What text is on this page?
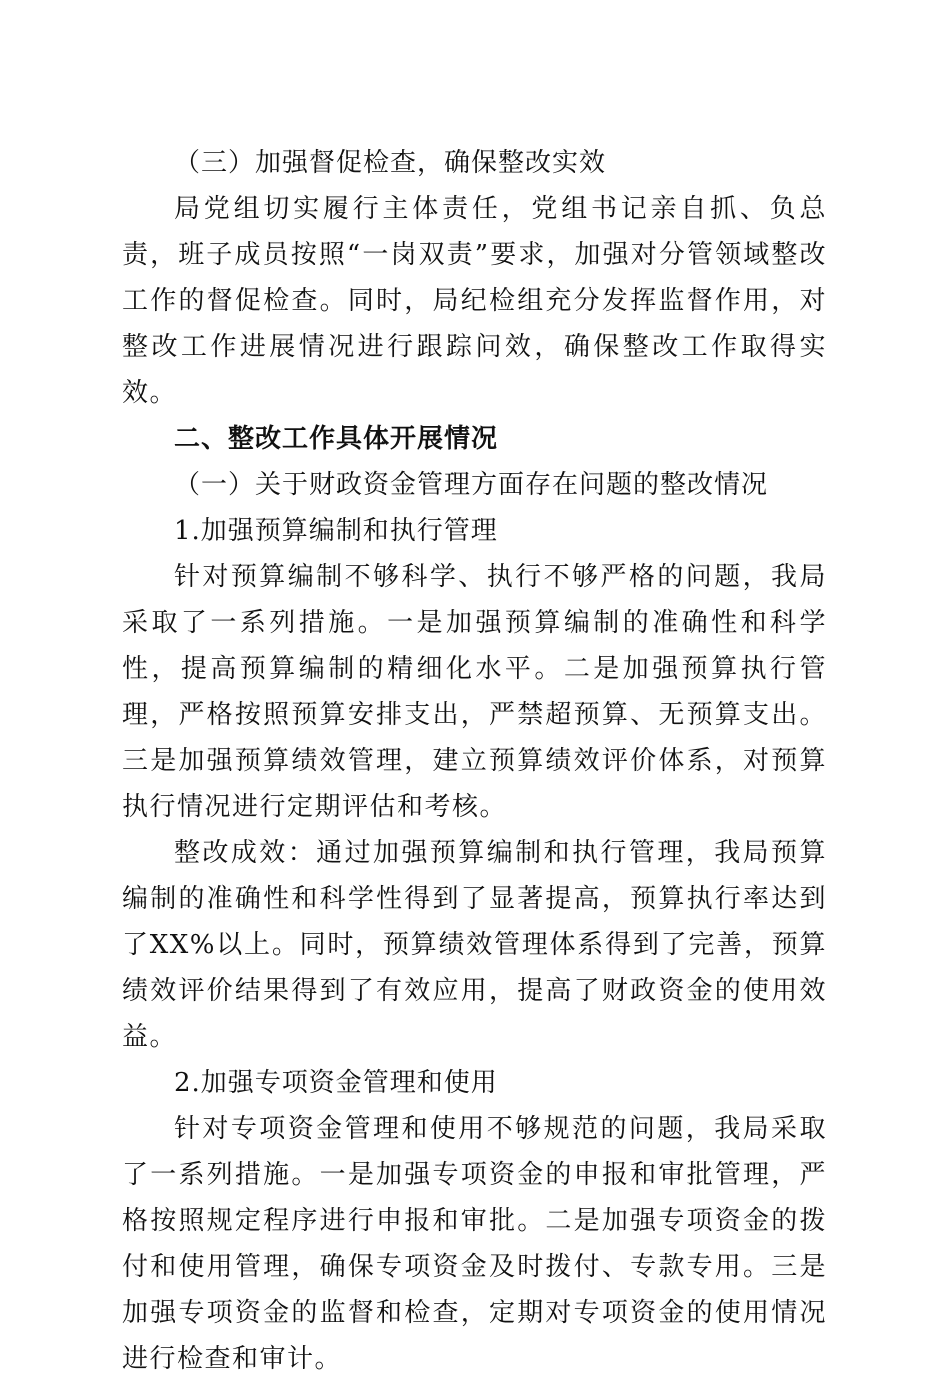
（三）加强督促检查，确保整改实效

局党组切实履行主体责任，党组书记亲自抓、负总责，班子成员按照“一岗双责”要求，加强对分管领域整改工作的督促检查。同时，局纪检组充分发挥监督作用，对整改工作进展情况进行跟踪问效，确保整改工作取得实效。

二、整改工作具体开展情况

（一）关于财政资金管理方面存在问题的整改情况

1.加强预算编制和执行管理

针对预算编制不够科学、执行不够严格的问题，我局采取了一系列措施。一是加强预算编制的准确性和科学性，提高预算编制的精细化水平。二是加强预算执行管理，严格按照预算安排支出，严禁超预算、无预算支出。三是加强预算绩效管理，建立预算绩效评价体系，对预算执行情况进行定期评估和考核。

整改成效：通过加强预算编制和执行管理，我局预算编制的准确性和科学性得到了显著提高，预算执行率达到了XX%以上。同时，预算绩效管理体系得到了完善，预算绩效评价结果得到了有效应用，提高了财政资金的使用效益。

2.加强专项资金管理和使用

针对专项资金管理和使用不够规范的问题，我局采取了一系列措施。一是加强专项资金的申报和审批管理，严格按照规定程序进行申报和审批。二是加强专项资金的拨付和使用管理，确保专项资金及时拨付、专款专用。三是加强专项资金的监督和检查，定期对专项资金的使用情况进行检查和审计。
